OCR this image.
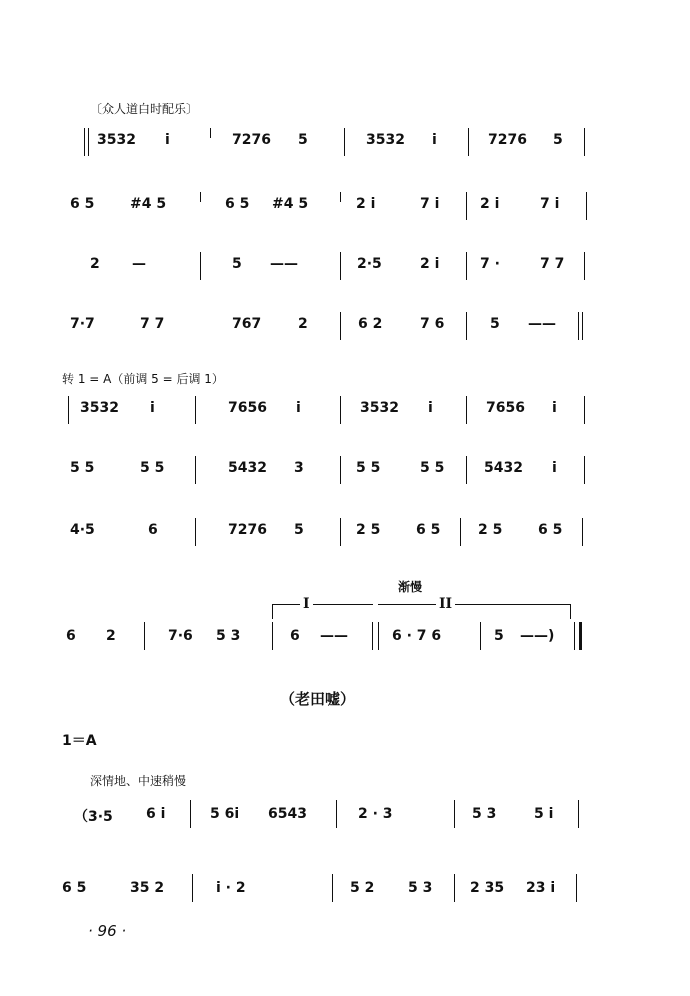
〔众人道白时配乐〕
3532 i	7276 5	3532 i	7276 5
6 5	#4 5	6 5 #4 5	2 i	7 i	2 i	7 i
2 —	5 ——	2·5	2 i	7 ·	7 7
7·7	7 7	767	2	6 2	7 6	5 ——
转 1 = A（前调 5 = 后调 1）
3532 i	7656 i	3532 i	7656 i
5 5	5 5	5432 3	5 5	5 5	5432 i
4·5	6	7276 5	2 5	6 5	2 5	6 5
渐慢
I	II
6 2	7·6 5 3	6 ——	6 · 7 6	5 ——)
（老田嘘）
1＝A
深情地、中速稍慢
（3·5 6 i	5 6i 6543	2 · 3	5 3	5 i
6 5	35 2	i · 2	5 2 5 3	2 35 23 i
· 96 ·
